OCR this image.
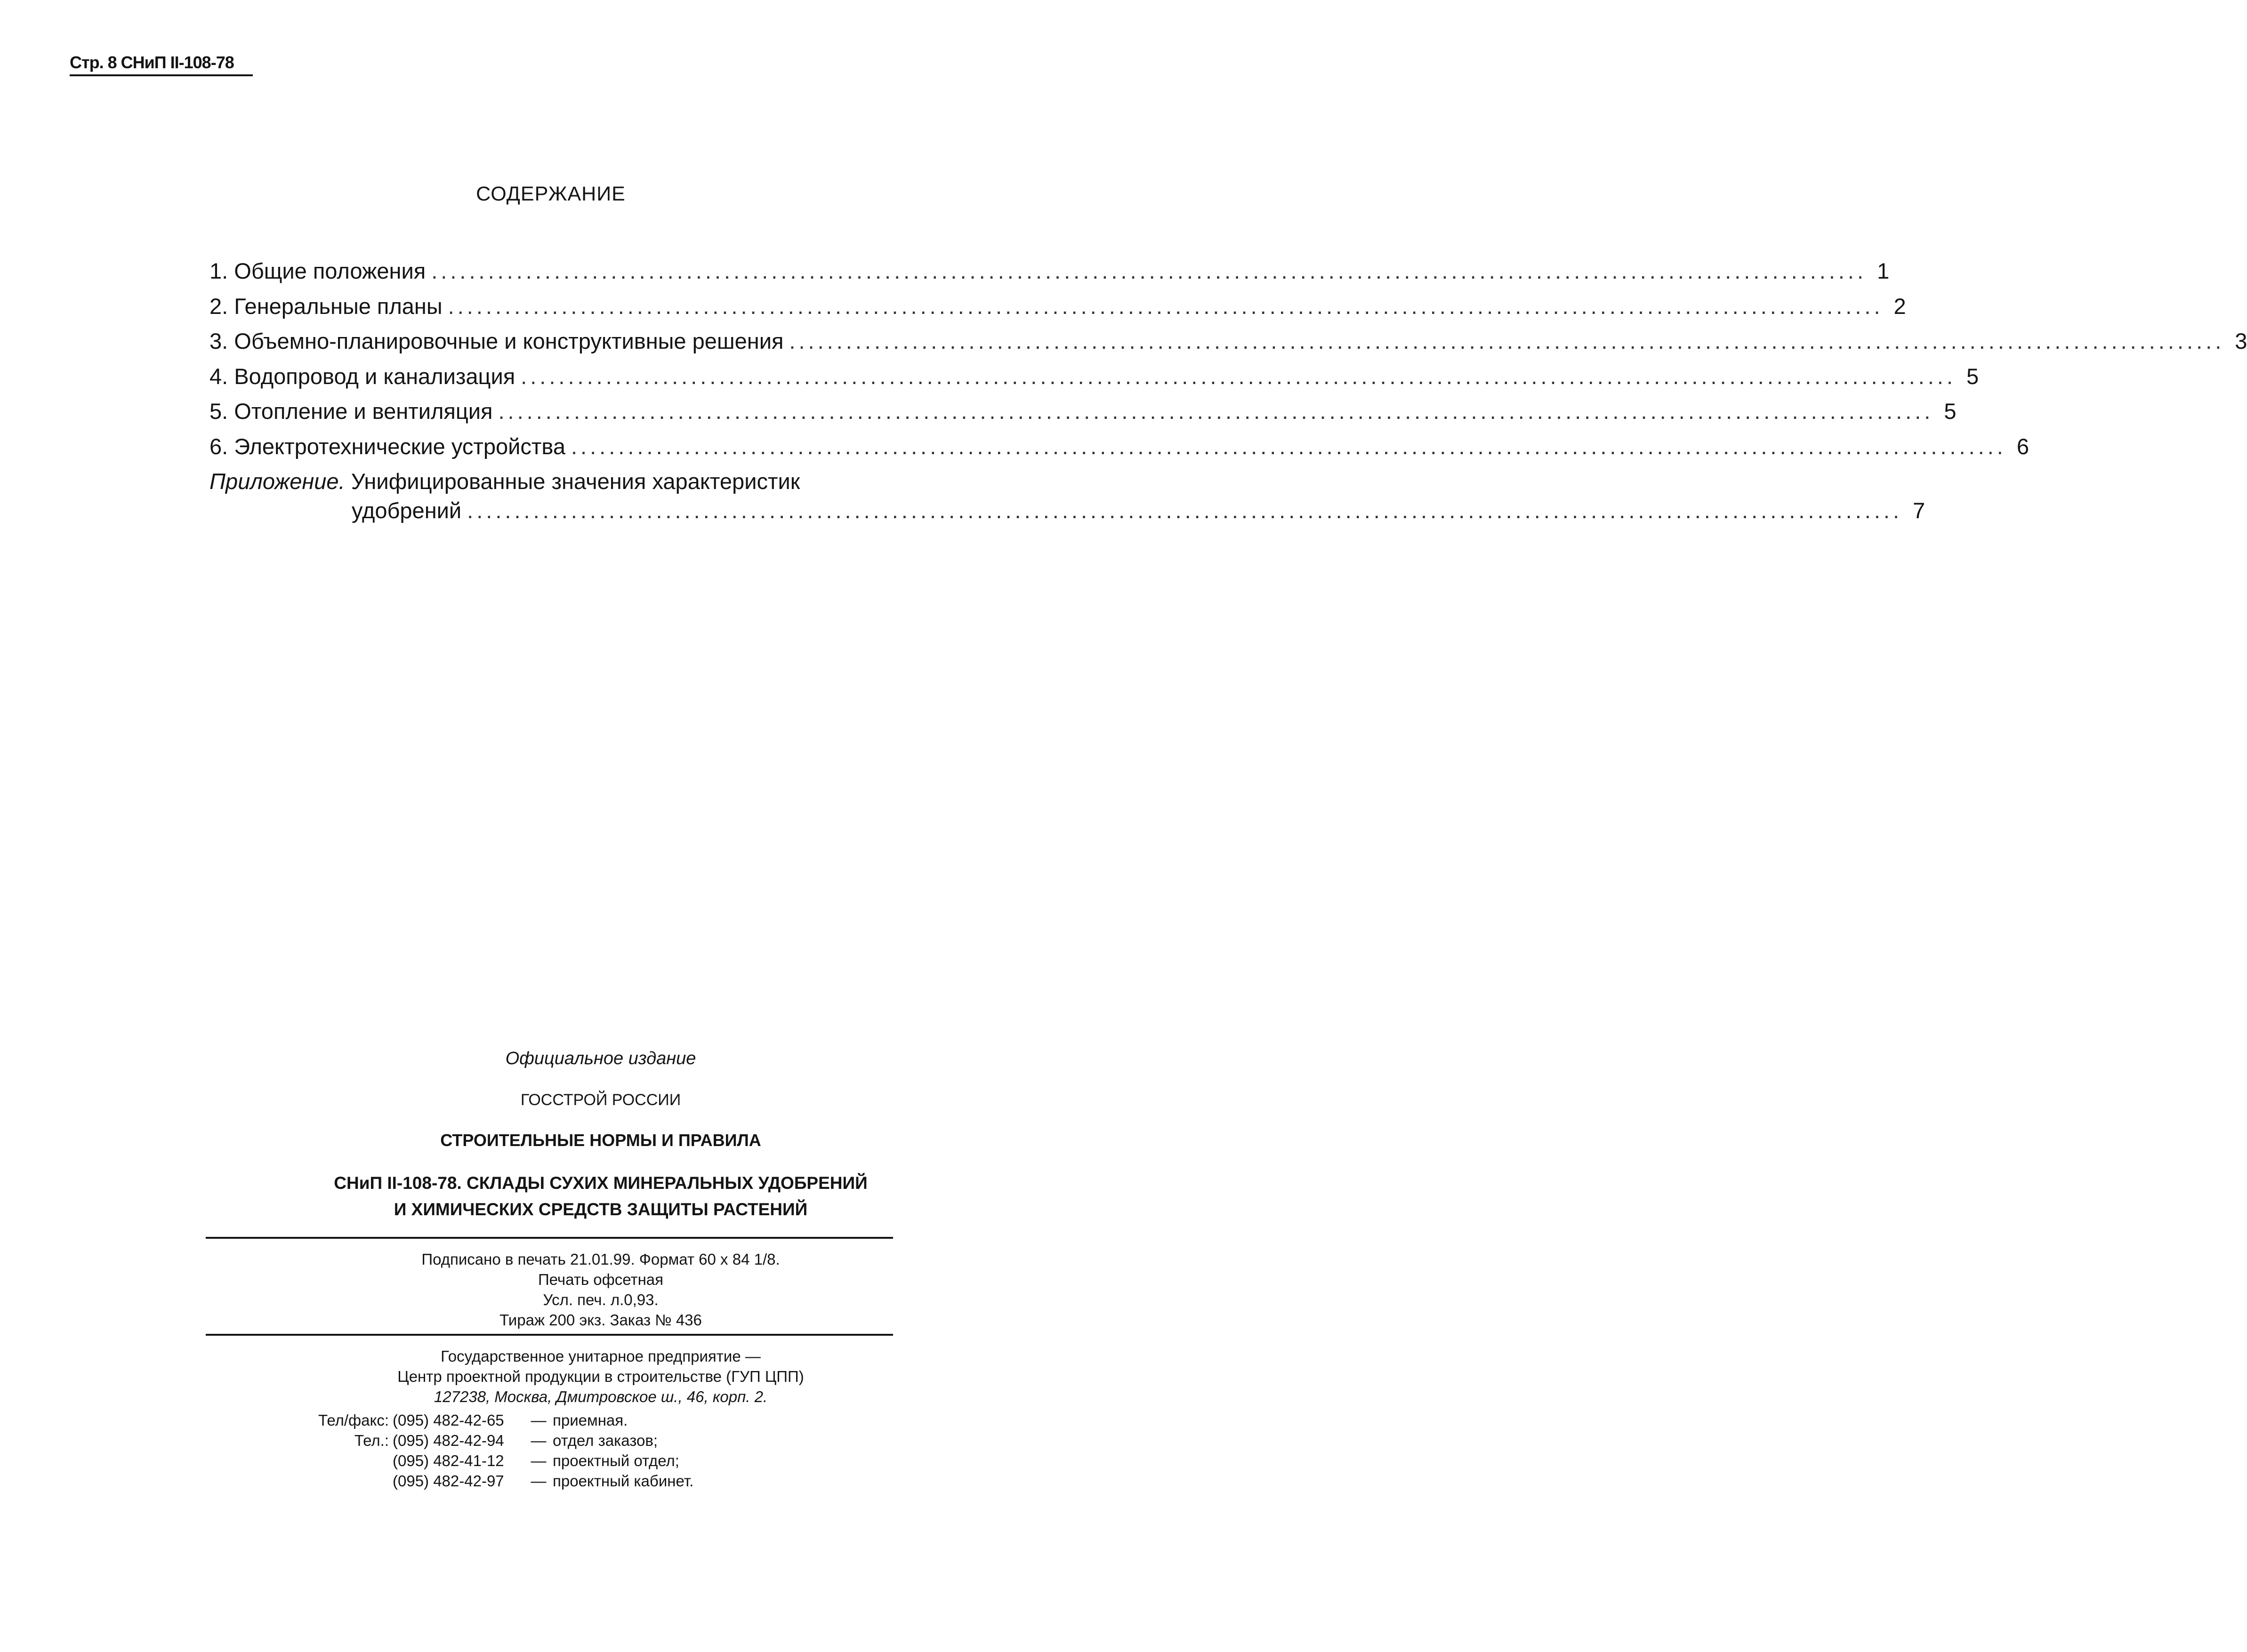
Стр. 8 СНиП II-108-78
СОДЕРЖАНИЕ
1. Общие положения ........................................................................................................................................................ 1
2. Генеральные планы ........................................................................................................................................................ 2
3. Объемно-планировочные и конструктивные решения ........................................................................................................................................................ 3
4. Водопровод и канализация ........................................................................................................................................................ 5
5. Отопление и вентиляция ........................................................................................................................................................ 5
6. Электротехнические устройства ........................................................................................................................................................ 6
Приложение. Унифицированные значения характеристик
удобрений ........................................................................................................................................................ 7
Официальное издание
ГОССТРОЙ РОССИИ
СТРОИТЕЛЬНЫЕ НОРМЫ И ПРАВИЛА
СНиП II-108-78. СКЛАДЫ СУХИХ МИНЕРАЛЬНЫХ УДОБРЕНИЙ
И ХИМИЧЕСКИХ СРЕДСТВ ЗАЩИТЫ РАСТЕНИЙ
Подписано в печать 21.01.99. Формат 60 х 84 1/8.
Печать офсетная
Усл. печ. л.0,93.
Тираж 200 экз. Заказ № 436
Государственное унитарное предприятие —
Центр проектной продукции в строительстве (ГУП ЦПП)
127238, Москва, Дмитровское ш., 46, корп. 2.
Тел/факс: (095) 482-42-65	— приемная.
Тел.: (095) 482-42-94	— отдел заказов;
(095) 482-41-12	— проектный отдел;
(095) 482-42-97	— проектный кабинет.
